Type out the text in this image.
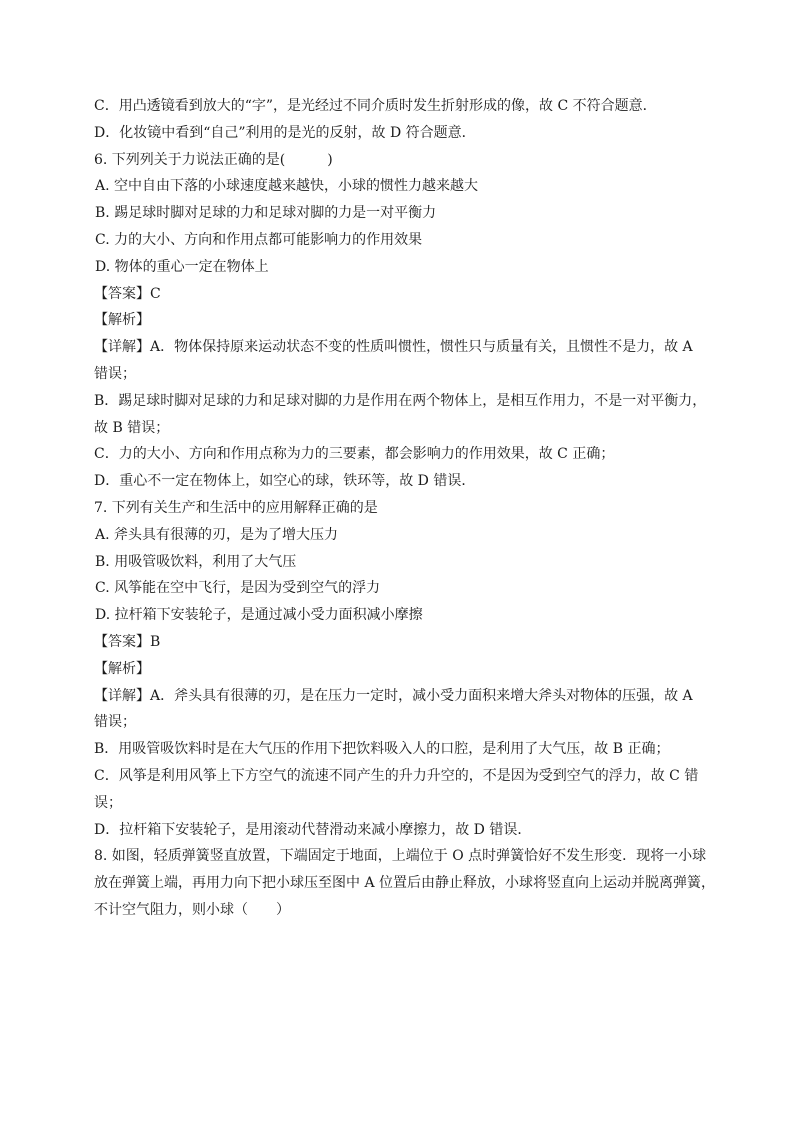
C．用凸透镜看到放大的“字”，是光经过不同介质时发生折射形成的像，故 C 不符合题意．
D．化妆镜中看到“自己”利用的是光的反射，故 D 符合题意．
6. 下列列关于力说法正确的是(　　　)
A. 空中自由下落的小球速度越来越快，小球的惯性力越来越大
B. 踢足球时脚对足球的力和足球对脚的力是一对平衡力
C. 力的大小、方向和作用点都可能影响力的作用效果
D. 物体的重心一定在物体上
【答案】C
【解析】
【详解】A．物体保持原来运动状态不变的性质叫惯性，惯性只与质量有关，且惯性不是力，故 A
错误；
B．踢足球时脚对足球的力和足球对脚的力是作用在两个物体上，是相互作用力，不是一对平衡力，
故 B 错误；
C．力的大小、方向和作用点称为力的三要素，都会影响力的作用效果，故 C 正确；
D．重心不一定在物体上，如空心的球，铁环等，故 D 错误．
7. 下列有关生产和生活中的应用解释正确的是
A. 斧头具有很薄的刃，是为了增大压力
B. 用吸管吸饮料，利用了大气压
C. 风筝能在空中飞行，是因为受到空气的浮力
D. 拉杆箱下安装轮子，是通过减小受力面积减小摩擦
【答案】B
【解析】
【详解】A．斧头具有很薄的刃，是在压力一定时，减小受力面积来增大斧头对物体的压强，故 A
错误；
B．用吸管吸饮料时是在大气压的作用下把饮料吸入人的口腔，是利用了大气压，故 B 正确；
C．风筝是利用风筝上下方空气的流速不同产生的升力升空的，不是因为受到空气的浮力，故 C 错
误；
D．拉杆箱下安装轮子，是用滚动代替滑动来减小摩擦力，故 D 错误．
8. 如图，轻质弹簧竖直放置，下端固定于地面，上端位于 O 点时弹簧恰好不发生形变．现将一小球
放在弹簧上端，再用力向下把小球压至图中 A 位置后由静止释放，小球将竖直向上运动并脱离弹簧，
不计空气阻力，则小球（　　）
